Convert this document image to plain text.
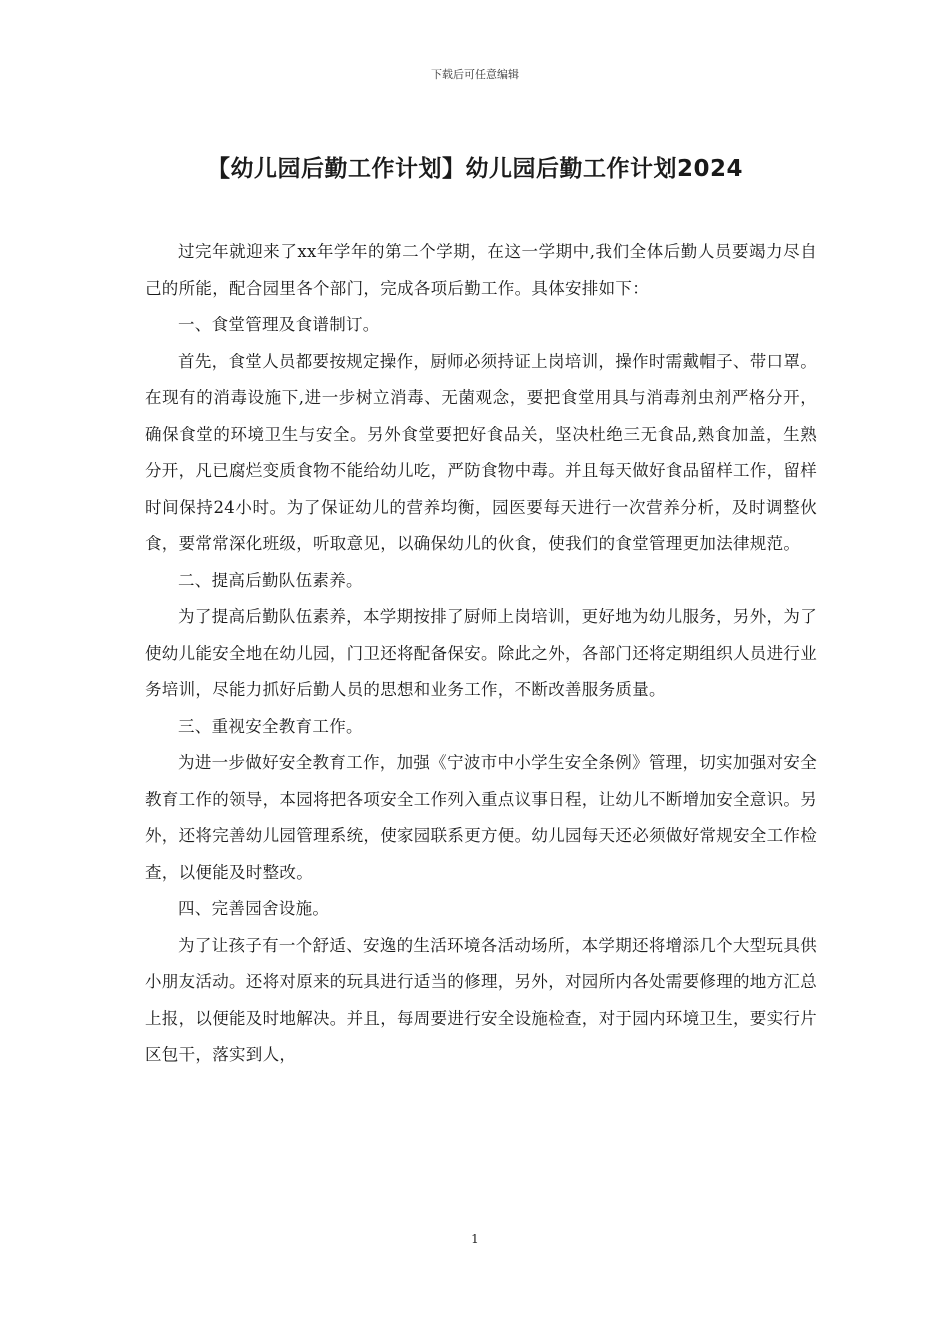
下载后可任意编辑
【幼儿园后勤工作计划】幼儿园后勤工作计划2024

过完年就迎来了xx年学年的第二个学期，在这一学期中,我们全体后勤人员要竭力尽自己的所能，配合园里各个部门，完成各项后勤工作。具体安排如下：

一、食堂管理及食谱制订。

首先，食堂人员都要按规定操作，厨师必须持证上岗培训，操作时需戴帽子、带口罩。在现有的消毒设施下,进一步树立消毒、无菌观念，要把食堂用具与消毒剂虫剂严格分开，确保食堂的环境卫生与安全。另外食堂要把好食品关，坚决杜绝三无食品,熟食加盖，生熟分开，凡已腐烂变质食物不能给幼儿吃，严防食物中毒。并且每天做好食品留样工作，留样时间保持24小时。为了保证幼儿的营养均衡，园医要每天进行一次营养分析，及时调整伙食，要常常深化班级，听取意见，以确保幼儿的伙食，使我们的食堂管理更加法律规范。

二、提高后勤队伍素养。

为了提高后勤队伍素养，本学期按排了厨师上岗培训，更好地为幼儿服务，另外，为了使幼儿能安全地在幼儿园，门卫还将配备保安。除此之外，各部门还将定期组织人员进行业务培训，尽能力抓好后勤人员的思想和业务工作，不断改善服务质量。

三、重视安全教育工作。

为进一步做好安全教育工作，加强《宁波市中小学生安全条例》管理，切实加强对安全教育工作的领导，本园将把各项安全工作列入重点议事日程，让幼儿不断增加安全意识。另外，还将完善幼儿园管理系统，使家园联系更方便。幼儿园每天还必须做好常规安全工作检查，以便能及时整改。

四、完善园舍设施。

为了让孩子有一个舒适、安逸的生活环境各活动场所，本学期还将增添几个大型玩具供小朋友活动。还将对原来的玩具进行适当的修理，另外，对园所内各处需要修理的地方汇总上报，以便能及时地解决。并且，每周要进行安全设施检查，对于园内环境卫生，要实行片区包干，落实到人，

1
